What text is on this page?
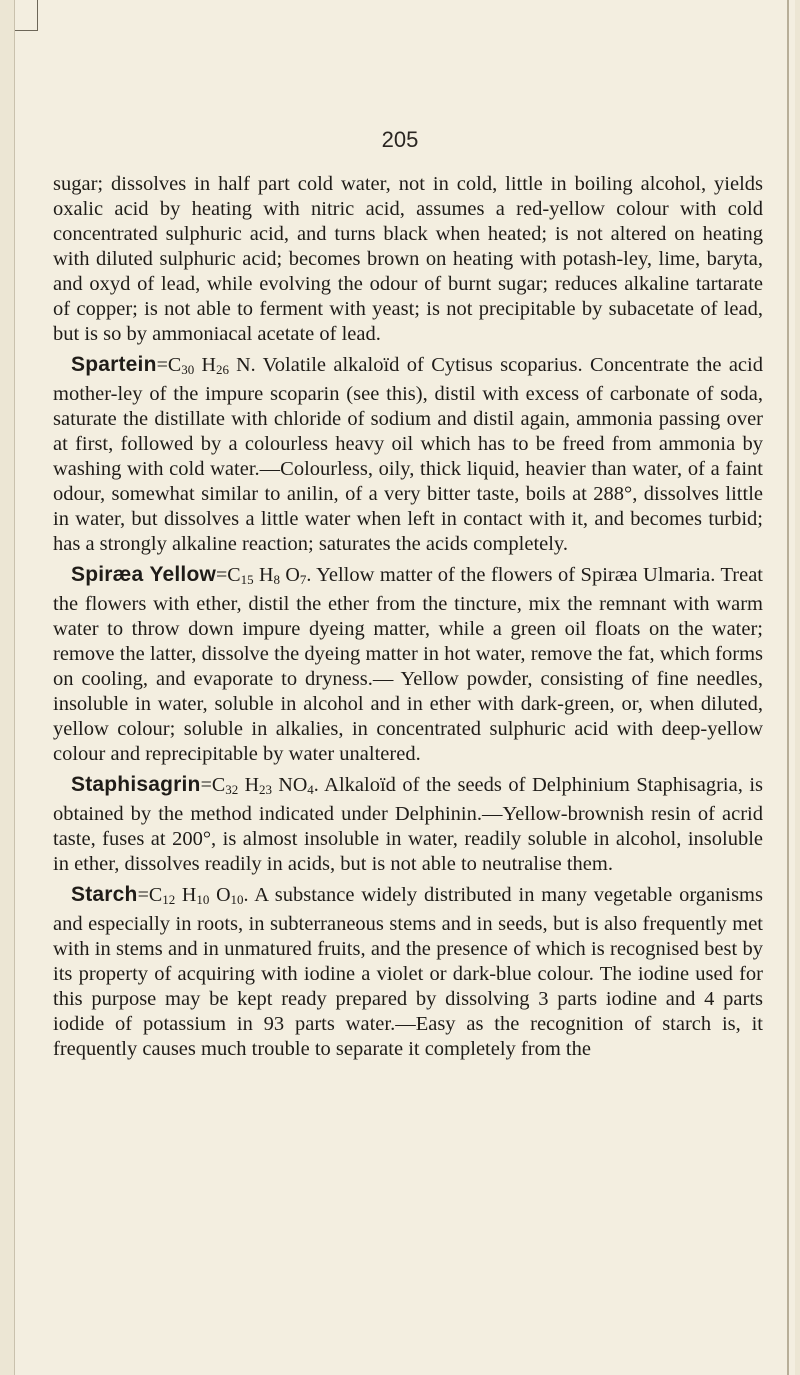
205

sugar; dissolves in half part cold water, not in cold, little in boiling alcohol, yields oxalic acid by heating with nitric acid, assumes a red-yellow colour with cold concentrated sulphuric acid, and turns black when heated; is not altered on heating with diluted sulphuric acid; becomes brown on heating with potash-ley, lime, baryta, and oxyd of lead, while evolving the odour of burnt sugar; reduces alkaline tartarate of copper; is not able to ferment with yeast; is not precipitable by subacetate of lead, but is so by ammoniacal acetate of lead.

$Spartein=C_{30}$ $H_{26}$ N. Volatile alkaloïd of Cytisus scoparius. Concentrate the acid mother-ley of the impure scoparin (see this), distil with excess of carbonate of soda, saturate the distillate with chloride of sodium and distil again, ammonia passing over at first, followed by a colourless heavy oil which has to be freed from ammonia by washing with cold water.—Colourless, oily, thick liquid, heavier than water, of a faint odour, somewhat similar to anilin, of a very bitter taste, boils at 288°, dissolves little in water, but dissolves a little water when left in contact with it, and becomes turbid; has a strongly alkaline reaction; saturates the acids completely.

Spiræa $Yellow=C_{15}$ $H_8$ $O_7$. Yellow matter of the flowers of Spiræa Ulmaria. Treat the flowers with ether, distil the ether from the tincture, mix the remnant with warm water to throw down impure dyeing matter, while a green oil floats on the water; remove the latter, dissolve the dyeing matter in hot water, remove the fat, which forms on cooling, and evaporate to dryness.— Yellow powder, consisting of fine needles, insoluble in water, soluble in alcohol and in ether with dark-green, or, when diluted, yellow colour; soluble in alkalies, in concentrated sulphuric acid with deep-yellow colour and reprecipitable by water unaltered.

$Staphisagrin=C_{32}$ $H_{23}$ $NO_4$. Alkaloïd of the seeds of Delphinium Staphisagria, is obtained by the method indicated under Delphinin.—Yellow-brownish resin of acrid taste, fuses at 200°, is almost insoluble in water, readily soluble in alcohol, insoluble in ether, dissolves readily in acids, but is not able to neutralise them.

$Starch=C_{12}$ $H_{10}$ $O_{10}$. A substance widely distributed in many vegetable organisms and especially in roots, in subterraneous stems and in seeds, but is also frequently met with in stems and in unmatured fruits, and the presence of which is recognised best by its property of acquiring with iodine a violet or dark-blue colour. The iodine used for this purpose may be kept ready prepared by dissolving 3 parts iodine and 4 parts iodide of potassium in 93 parts water.—Easy as the recognition of starch is, it frequently causes much trouble to separate it completely from the
